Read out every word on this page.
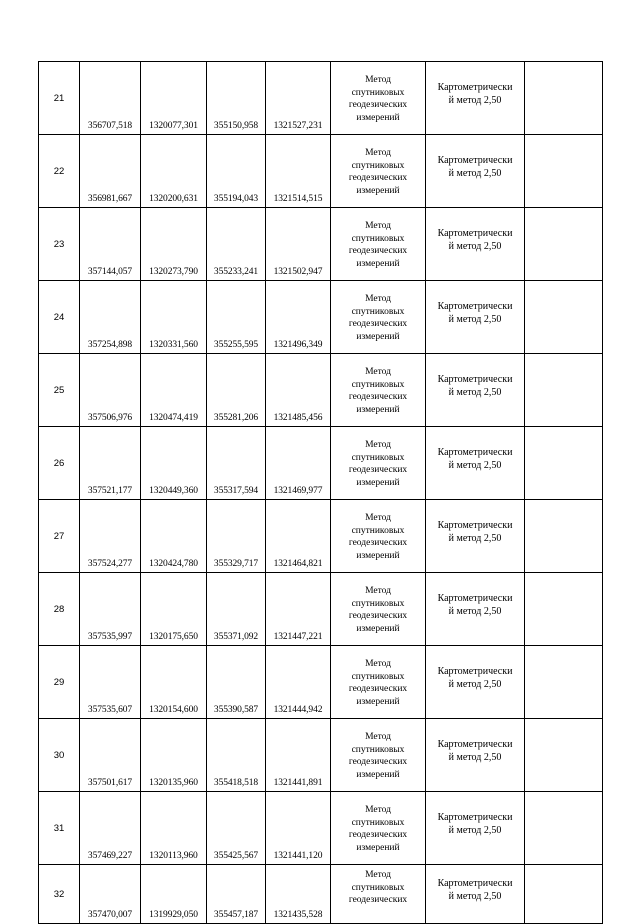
21	356707,518	1320077,301	355150,958	1321527,231	Метод
спутниковых
геодезических
измерений	Картометрически
й метод 2,50	

22	356981,667	1320200,631	355194,043	1321514,515	Метод
спутниковых
геодезических
измерений	Картометрически
й метод 2,50	

23	357144,057	1320273,790	355233,241	1321502,947	Метод
спутниковых
геодезических
измерений	Картометрически
й метод 2,50	

24	357254,898	1320331,560	355255,595	1321496,349	Метод
спутниковых
геодезических
измерений	Картометрически
й метод 2,50	

25	357506,976	1320474,419	355281,206	1321485,456	Метод
спутниковых
геодезических
измерений	Картометрически
й метод 2,50	

26	357521,177	1320449,360	355317,594	1321469,977	Метод
спутниковых
геодезических
измерений	Картометрически
й метод 2,50	

27	357524,277	1320424,780	355329,717	1321464,821	Метод
спутниковых
геодезических
измерений	Картометрически
й метод 2,50	

28	357535,997	1320175,650	355371,092	1321447,221	Метод
спутниковых
геодезических
измерений	Картометрически
й метод 2,50	

29	357535,607	1320154,600	355390,587	1321444,942	Метод
спутниковых
геодезических
измерений	Картометрически
й метод 2,50	

30	357501,617	1320135,960	355418,518	1321441,891	Метод
спутниковых
геодезических
измерений	Картометрически
й метод 2,50	

31	357469,227	1320113,960	355425,567	1321441,120	Метод
спутниковых
геодезических
измерений	Картометрически
й метод 2,50	

32	357470,007	1319929,050	355457,187	1321435,528	Метод
спутниковых
геодезических	Картометрически
й метод 2,50	
